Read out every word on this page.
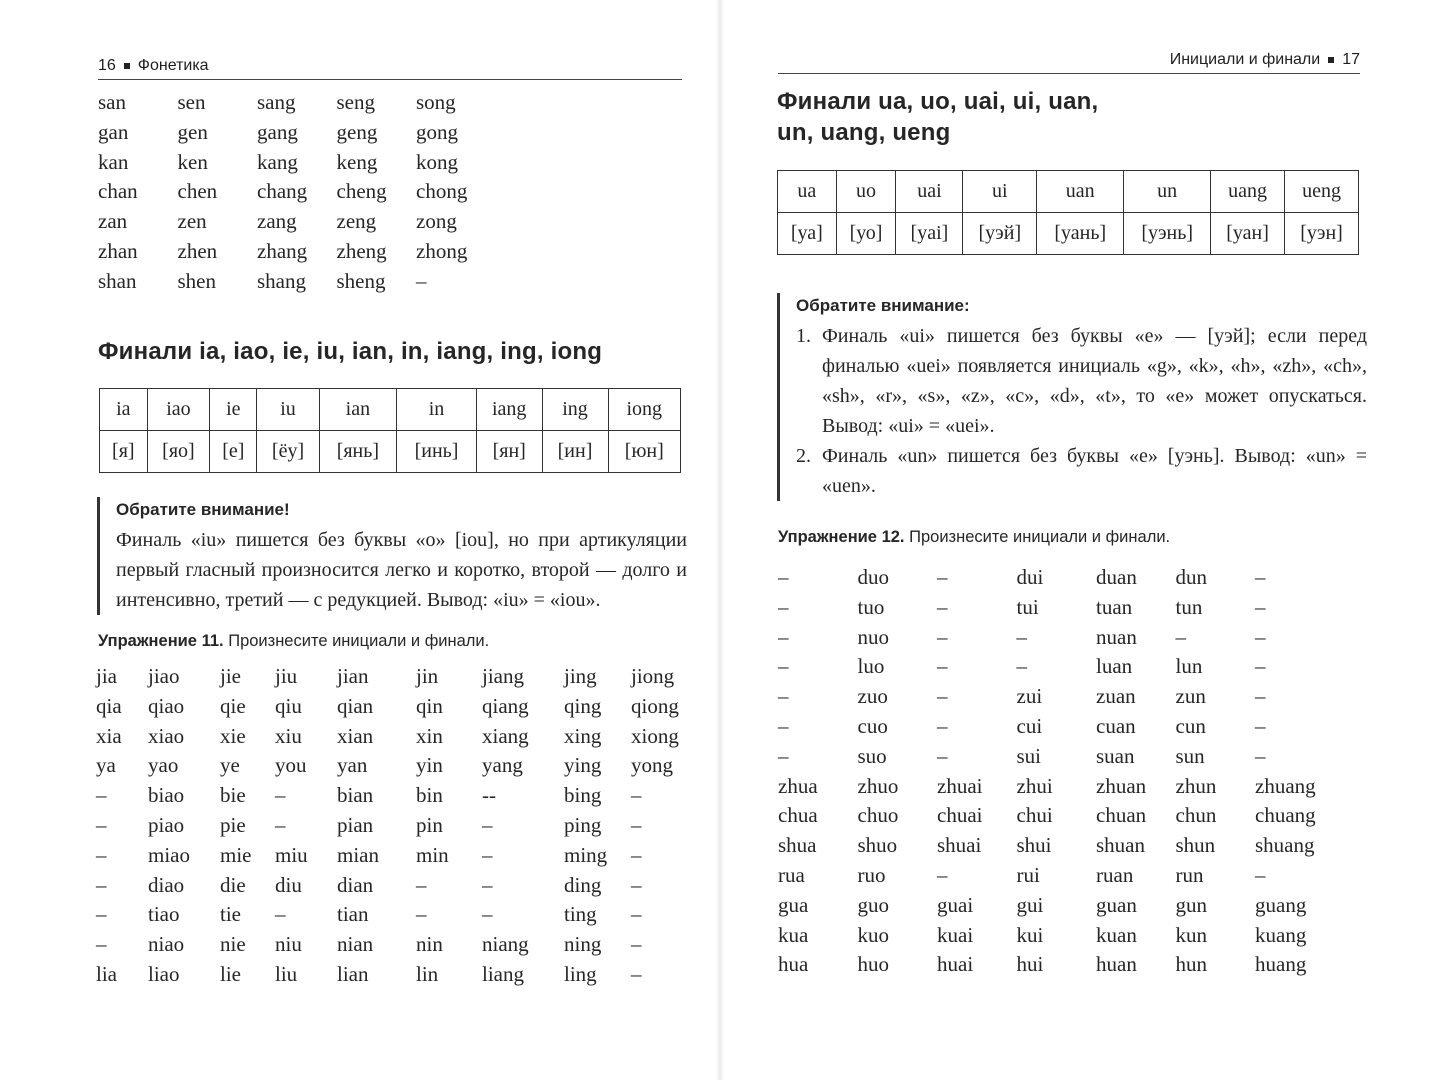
16 Фонетика
san	sen	sang	seng	song
gan	gen	gang	geng	gong
kan	ken	kang	keng	kong
chan	chen	chang	cheng	chong
zan	zen	zang	zeng	zong
zhan	zhen	zhang	zheng	zhong
shan	shen	shang	sheng	–
Финали ia, iao, ie, iu, ian, in, iang, ing, iong
ia	iao	ie	iu	ian	in	iang	ing	iong
[я]	[яо]	[е]	[ёу]	[янь]	[инь]	[ян]	[ин]	[юн]
Обратите внимание!

Финаль «iu» пишется без буквы «o» [iou], но при артикуляции первый гласный произносится легко и коротко, второй — долго и интенсивно, третий — с редукцией. Вывод: «iu» = «iou».

Упражнение 11. Произнесите инициали и финали.
jia	jiao	jie	jiu	jian	jin	jiang	jing	jiong
qia	qiao	qie	qiu	qian	qin	qiang	qing	qiong
xia	xiao	xie	xiu	xian	xin	xiang	xing	xiong
ya	yao	ye	you	yan	yin	yang	ying	yong
–	biao	bie	–	bian	bin	--	bing	–
–	piao	pie	–	pian	pin	–	ping	–
–	miao	mie	miu	mian	min	–	ming	–
–	diao	die	diu	dian	–	–	ding	–
–	tiao	tie	–	tian	–	–	ting	–
–	niao	nie	niu	nian	nin	niang	ning	–
lia	liao	lie	liu	lian	lin	liang	ling	–
Инициали и финали 17
Финали ua, uo, uai, ui, uan,
un, uang, ueng
ua	uo	uai	ui	uan	un	uang	ueng
[уа]	[уо]	[уai]	[уэй]	[уань]	[уэнь]	[уан]	[уэн]
Обратите внимание:
1. Финаль «ui» пишется без буквы «e» — [уэй]; если перед финалью «uei» появляется инициаль «g», «k», «h», «zh», «ch», «sh», «r», «s», «z», «c», «d», «t», то «e» может опускаться. Вывод: «ui» = «uei».
2. Финаль «un» пишется без буквы «e» [уэнь]. Вывод: «un» = «uen».
Упражнение 12. Произнесите инициали и финали.
–	duo	–	dui	duan	dun	–
–	tuo	–	tui	tuan	tun	–
–	nuo	–	–	nuan	–	–
–	luo	–	–	luan	lun	–
–	zuo	–	zui	zuan	zun	–
–	cuo	–	cui	cuan	cun	–
–	suo	–	sui	suan	sun	–
zhua	zhuo	zhuai	zhui	zhuan	zhun	zhuang
chua	chuo	chuai	chui	chuan	chun	chuang
shua	shuo	shuai	shui	shuan	shun	shuang
rua	ruo	–	rui	ruan	run	–
gua	guo	guai	gui	guan	gun	guang
kua	kuo	kuai	kui	kuan	kun	kuang
hua	huo	huai	hui	huan	hun	huang
